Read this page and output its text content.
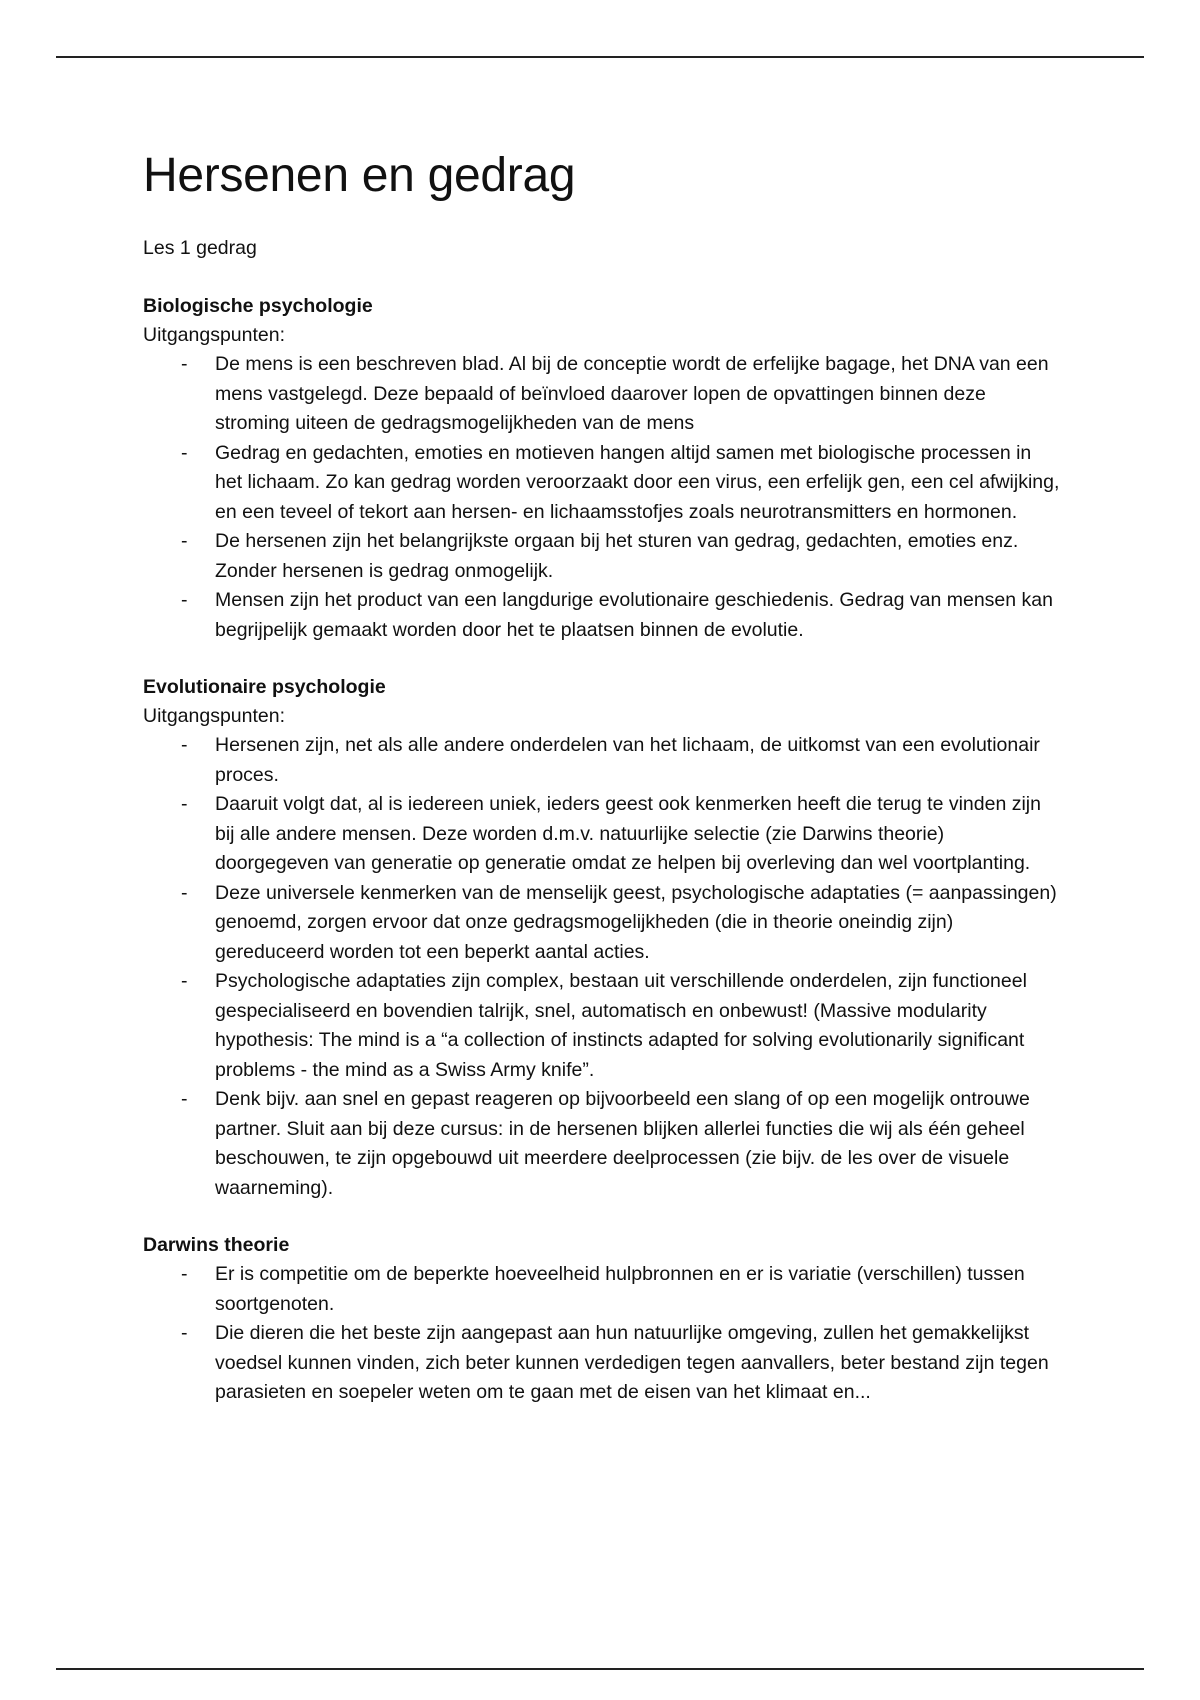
Hersenen en gedrag

Les 1 gedrag

Biologische psychologie

Uitgangspunten:

- De mens is een beschreven blad. Al bij de conceptie wordt de erfelijke bagage, het DNA van een mens vastgelegd. Deze bepaald of beïnvloed daarover lopen de opvattingen binnen deze stroming uiteen de gedragsmogelijkheden van de mens
- Gedrag en gedachten, emoties en motieven hangen altijd samen met biologische processen in het lichaam. Zo kan gedrag worden veroorzaakt door een virus, een erfelijk gen, een cel afwijking, en een teveel of tekort aan hersen- en lichaamsstofjes zoals neurotransmitters en hormonen.
- De hersenen zijn het belangrijkste orgaan bij het sturen van gedrag, gedachten, emoties enz. Zonder hersenen is gedrag onmogelijk.
- Mensen zijn het product van een langdurige evolutionaire geschiedenis. Gedrag van mensen kan begrijpelijk gemaakt worden door het te plaatsen binnen de evolutie.

Evolutionaire psychologie

Uitgangspunten:

- Hersenen zijn, net als alle andere onderdelen van het lichaam, de uitkomst van een evolutionair proces.
- Daaruit volgt dat, al is iedereen uniek, ieders geest ook kenmerken heeft die terug te vinden zijn bij alle andere mensen. Deze worden d.m.v. natuurlijke selectie (zie Darwins theorie) doorgegeven van generatie op generatie omdat ze helpen bij overleving dan wel voortplanting.
- Deze universele kenmerken van de menselijk geest, psychologische adaptaties (= aanpassingen) genoemd, zorgen ervoor dat onze gedragsmogelijkheden (die in theorie oneindig zijn) gereduceerd worden tot een beperkt aantal acties.
- Psychologische adaptaties zijn complex, bestaan uit verschillende onderdelen, zijn functioneel gespecialiseerd en bovendien talrijk, snel, automatisch en onbewust! (Massive modularity hypothesis: The mind is a “a collection of instincts adapted for solving evolutionarily significant problems - the mind as a Swiss Army knife”.
- Denk bijv. aan snel en gepast reageren op bijvoorbeeld een slang of op een mogelijk ontrouwe partner. Sluit aan bij deze cursus: in de hersenen blijken allerlei functies die wij als één geheel beschouwen, te zijn opgebouwd uit meerdere deelprocessen (zie bijv. de les over de visuele waarneming).

Darwins theorie

- Er is competitie om de beperkte hoeveelheid hulpbronnen en er is variatie (verschillen) tussen soortgenoten.
- Die dieren die het beste zijn aangepast aan hun natuurlijke omgeving, zullen het gemakkelijkst voedsel kunnen vinden, zich beter kunnen verdedigen tegen aanvallers, beter bestand zijn tegen parasieten en soepeler weten om te gaan met de eisen van het klimaat en...
